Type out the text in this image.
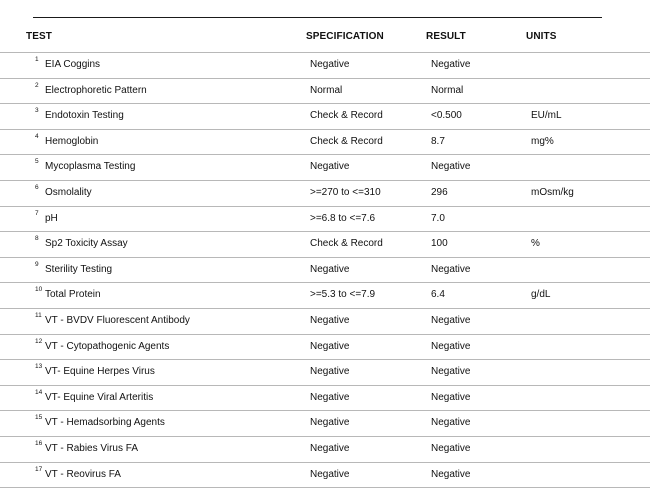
TEST	SPECIFICATION	RESULT	UNITS
1 EIA Coggins	Negative	Negative
2 Electrophoretic Pattern	Normal	Normal
3 Endotoxin Testing	Check & Record	<0.500	EU/mL
4 Hemoglobin	Check & Record	8.7	mg%
5 Mycoplasma Testing	Negative	Negative
6 Osmolality	>=270 to <=310	296	mOsm/kg
7 pH	>=6.8 to <=7.6	7.0
8 Sp2 Toxicity Assay	Check & Record	100	%
9 Sterility Testing	Negative	Negative
10 Total Protein	>=5.3 to <=7.9	6.4	g/dL
11 VT - BVDV Fluorescent Antibody	Negative	Negative
12 VT - Cytopathogenic Agents	Negative	Negative
13 VT- Equine Herpes Virus	Negative	Negative
14 VT- Equine Viral Arteritis	Negative	Negative
15 VT - Hemadsorbing Agents	Negative	Negative
16 VT - Rabies Virus FA	Negative	Negative
17 VT - Reovirus FA	Negative	Negative
